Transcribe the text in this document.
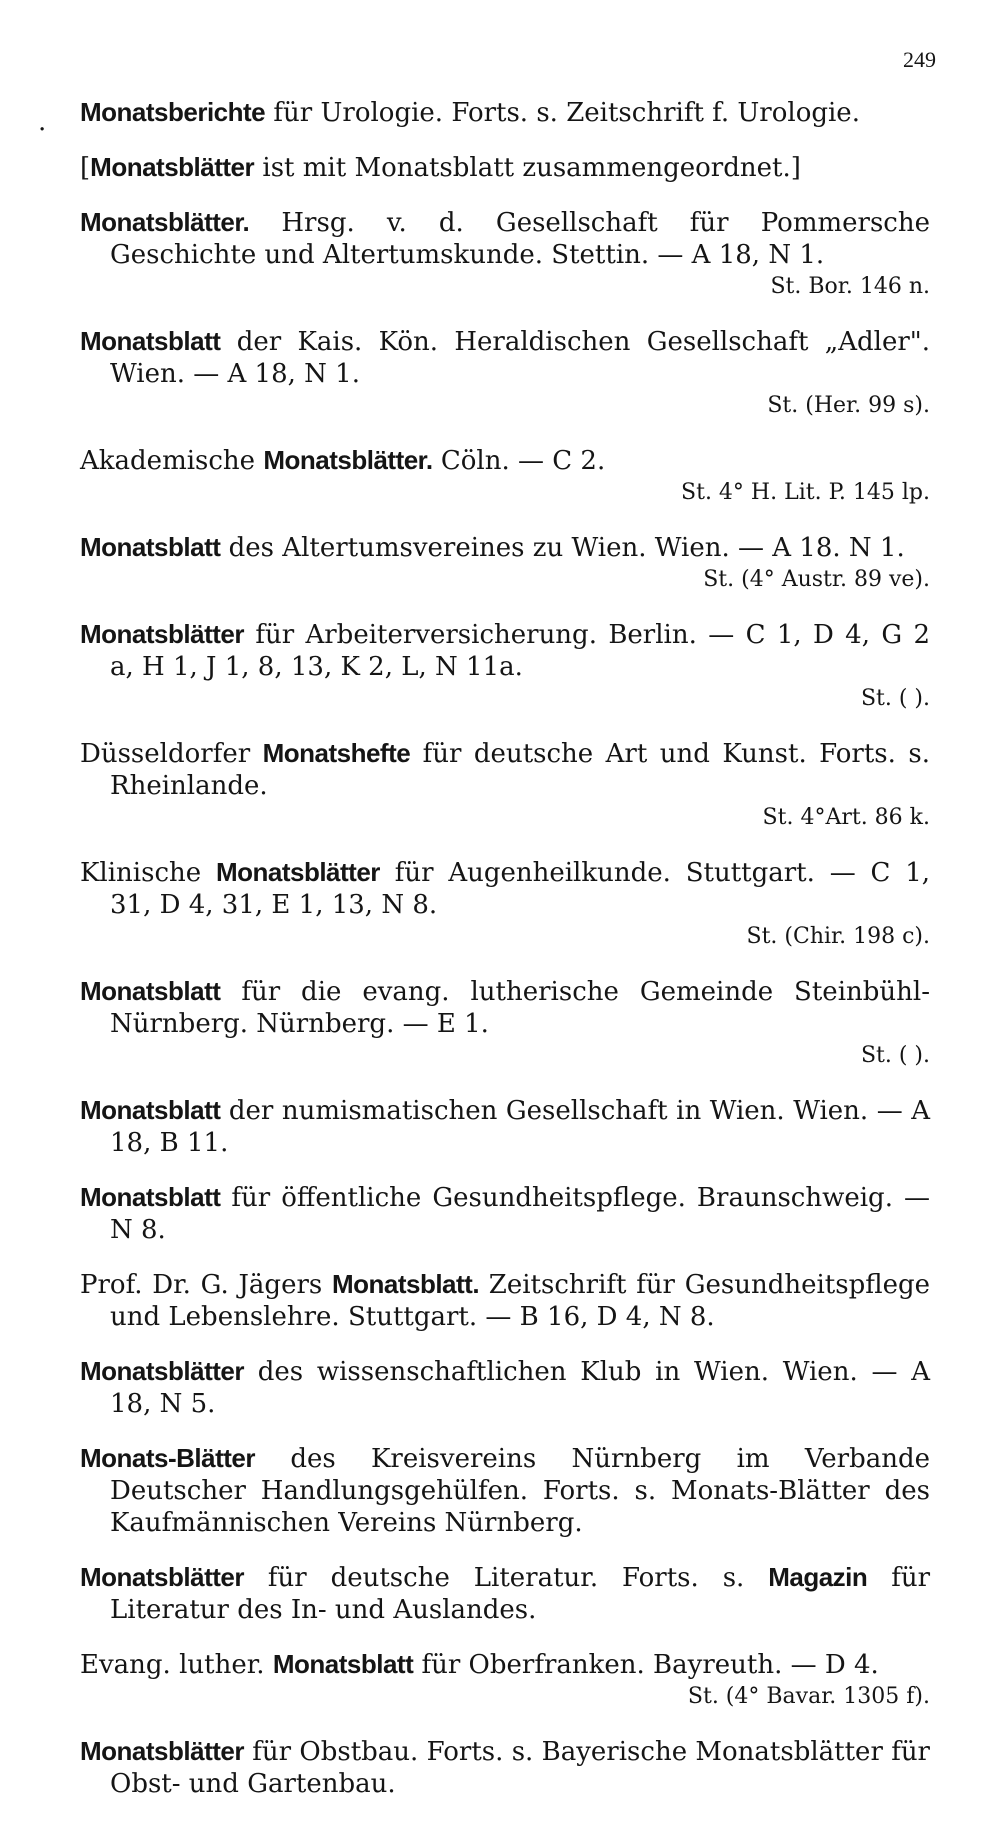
249
. Monatsberichte für Urologie. Forts. s. Zeitschrift f. Urologie.
[Monatsblätter ist mit Monatsblatt zusammengeordnet.]
Monatsblätter. Hrsg. v. d. Gesellschaft für Pommersche Geschichte und Altertumskunde. Stettin. — A 18, N 1.
St. Bor. 146 n.
Monatsblatt der Kais. Kön. Heraldischen Gesellschaft „Adler". Wien. — A 18, N 1.
St. (Her. 99 s).
Akademische Monatsblätter. Cöln. — C 2.
St. 4° H. Lit. P. 145 lp.
Monatsblatt des Altertumsvereines zu Wien. Wien. — A 18. N 1.
St. (4° Austr. 89 ve).
Monatsblätter für Arbeiterversicherung. Berlin. — C 1, D 4, G 2 a, H 1, J 1, 8, 13, K 2, L, N 11a.
St. ( ).
Düsseldorfer Monatshefte für deutsche Art und Kunst. Forts. s. Rheinlande.
St. 4°Art. 86 k.
Klinische Monatsblätter für Augenheilkunde. Stuttgart. — C 1, 31, D 4, 31, E 1, 13, N 8.
St. (Chir. 198 c).
Monatsblatt für die evang. lutherische Gemeinde Steinbühl-Nürnberg. Nürnberg. — E 1.
St. ( ).
Monatsblatt der numismatischen Gesellschaft in Wien. Wien. — A 18, B 11.
Monatsblatt für öffentliche Gesundheitspflege. Braunschweig. — N 8.
Prof. Dr. G. Jägers Monatsblatt. Zeitschrift für Gesundheitspflege und Lebenslehre. Stuttgart. — B 16, D 4, N 8.
Monatsblätter des wissenschaftlichen Klub in Wien. Wien. — A 18, N 5.
Monats-Blätter des Kreisvereins Nürnberg im Verbande Deutscher Handlungsgehülfen. Forts. s. Monats-Blätter des Kaufmännischen Vereins Nürnberg.
Monatsblätter für deutsche Literatur. Forts. s. Magazin für Literatur des In- und Auslandes.
Evang. luther. Monatsblatt für Oberfranken. Bayreuth. — D 4.
St. (4° Bavar. 1305 f).
Monatsblätter für Obstbau. Forts. s. Bayerische Monatsblätter für Obst- und Gartenbau.
